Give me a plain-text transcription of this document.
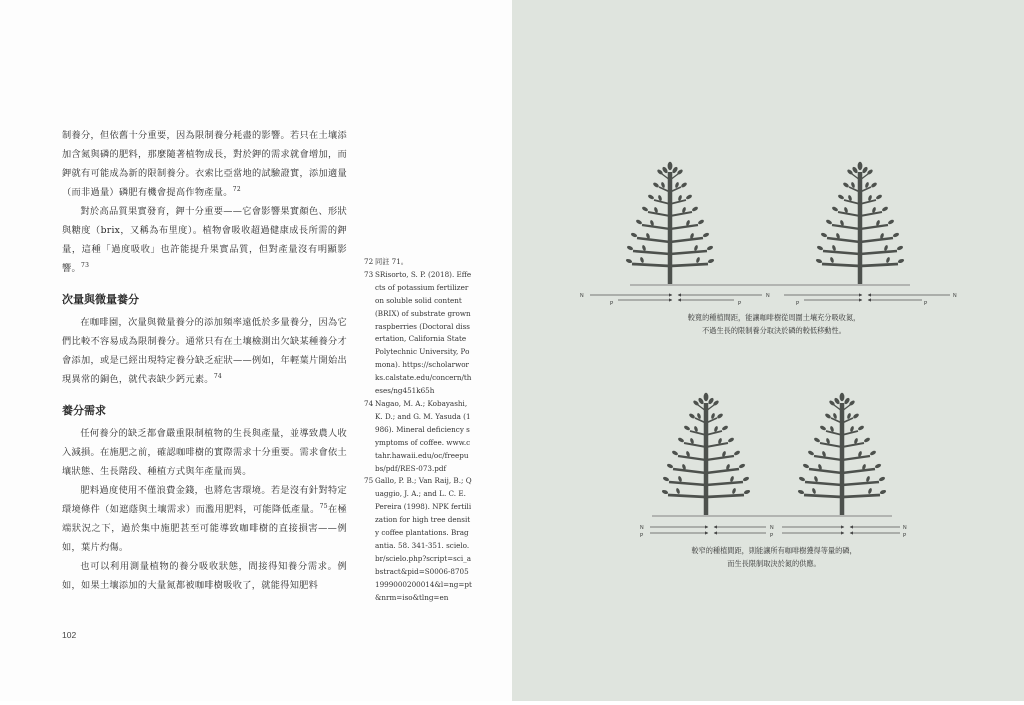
制養分，但依舊十分重要，因為限制養分耗盡的影響。若只在土壤添加含氮與磷的肥料，那麼隨著植物成長，對於鉀的需求就會增加，而鉀就有可能成為新的限制養分。衣索比亞當地的試驗證實，添加適量（而非過量）磷肥有機會提高作物產量。$^{72}$

對於高品質果實發育，鉀十分重要——它會影響果實顏色、形狀與糖度（brix，又稱為布里度）。植物會吸收超過健康成長所需的鉀量，這種「過度吸收」也許能提升果實品質，但對產量沒有明顯影響。$^{73}$

次量與微量養分

在咖啡園，次量與微量養分的添加頻率遠低於多量養分，因為它們比較不容易成為限制養分。通常只有在土壤檢測出欠缺某種養分才會添加，或是已經出現特定養分缺乏症狀——例如，年輕葉片開始出現異常的銅色，就代表缺少鈣元素。$^{74}$

養分需求

任何養分的缺乏都會嚴重限制植物的生長與產量，並導致農人收入減損。在施肥之前，確認咖啡樹的實際需求十分重要。需求會依土壤狀態、生長階段、種植方式與年產量而異。

肥料過度使用不僅浪費金錢，也將危害環境。若是沒有針對特定環境條件（如遮蔭與土壤需求）而濫用肥料，可能降低產量。$^{75}$在極端狀況之下，過於集中施肥甚至可能導致咖啡樹的直接損害——例如，葉片灼傷。

也可以利用測量植物的養分吸收狀態，間接得知養分需求。例如，如果土壤添加的大量氮都被咖啡樹吸收了，就能得知肥料

72 同註 71。
73 SRisorto, S. P. (2018). Effects of potassium fertilizer on soluble solid content (BRIX) of substrate grown raspberries (Doctoral dissertation, California State Polytechnic University, Pomona). https://scholarworks.calstate.edu/concern/theses/ng451k65h
74 Nagao, M. A.; Kobayashi, K. D.; and G. M. Yasuda (1986). Mineral deficiency symptoms of coffee. www.ctahr.hawaii.edu/oc/freepubs/pdf/RES-073.pdf
75 Gallo, P. B.; Van Raij, B.; Quaggio, J. A.; and L. C. E. Pereira (1998). NPK fertilization for high tree density coffee plantations. Bragantia. 58. 341-351. scielo.br/scielo.php?script=sci_abstract&pid=S0006-87051999000200014&l=ng=pt&nrm=iso&tlng=en
102
N
P
N
P	P
N
P
N
N
P
N
P
N
P
較寬的種植間距，能讓咖啡樹從周圍土壤充分吸收氮，
不過生長的限制養分取決於磷的較低移動性。
較窄的種植間距，則能讓所有咖啡樹獲得等量的磷，
而生長限制取決於氮的供應。
